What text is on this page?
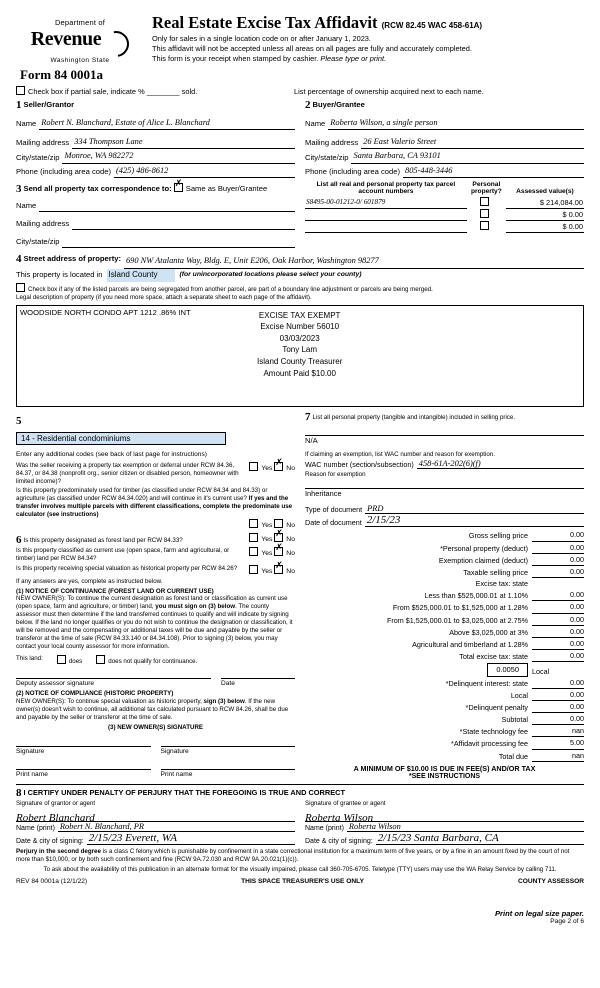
Department of
Revenue
Washington State
Form 84 0001a
Real Estate Excise Tax Affidavit (RCW 82.45 WAC 458-61A)
Only for sales in a single location code on or after January 1, 2023.
This affidavit will not be accepted unless all areas on all pages are fully and accurately completed.
This form is your receipt when stamped by cashier. Please type or print.
Check box if partial sale, indicate % ________ sold.	List percentage of ownership acquired next to each name.
1 Seller/Grantor
Name Robert N. Blanchard, Estate of Alice L. Blanchard
Mailing address 334 Thompson Lane
City/state/zip Monroe, WA 982272
Phone (including area code) (425) 486-8612
2 Buyer/Grantee
Name Roberta Wilson, a single person
Mailing address 26 East Valerio Street
City/state/zip Santa Barbara, CA 93101
Phone (including area code) 805-448-3446
3 Send all property tax correspondence to: ✗ Same as Buyer/Grantee
Name
Mailing address
City/state/zip
List all real and personal property tax parcel account numbers	Personal property?	Assessed value(s)
S8495-00-01212-0/ 601879		$ 214,084.00
		$ 0.00
		$ 0.00
4 Street address of property: 690 NW Atalanta Way, Bldg. E, Unit E206, Oak Harbor, Washington 98277
This property is located in Island County	(for unincorporated locations please select your county)
Check box if any of the listed parcels are being segregated from another parcel, are part of a boundary line adjustment or parcels are being merged.
Legal description of property (if you need more space, attach a separate sheet to each page of the affidavit).
WOODSIDE NORTH CONDO APT 1212 .86% INT	EXCISE TAX EXEMPT
Excise Number 56010
03/03/2023
Tony Lam
Island County Treasurer
Amount Paid $10.00
5
14 - Residential condominiums
Enter any additional codes (see back of last page for instructions)
Was the seller receiving a property tax exemption or deferral under RCW 84.36, 84.37, or 84.38 (nonprofit org., senior citizen or disabled person, homeowner with limited income)?
Yes ✗No
Is this property predominately used for timber (as classified under RCW 84.34 and 84.33) or agriculture (as classified under RCW 84.34.020) and will continue in it's current use? If yes and the transfer involves multiple parcels with different classifications, complete the predominate use calculator (see instructions)
Yes No
6 Is this property designated as forest land per RCW 84.33?	Yes ✗No
Is this property classified as current use (open space, farm and agricultural, or timber) land per RCW 84.34?
Yes ✗No
Is this property receiving special valuation as historical property per RCW 84.26?	Yes ✗No
If any answers are yes, complete as instructed below.
(1) NOTICE OF CONTINUANCE (FOREST LAND OR CURRENT USE)
NEW OWNER(S): To continue the current designation as forest land or classification as current use (open space, farm and agriculture, or timber) land, you must sign on (3) below. The county assessor must then determine if the land transferred continues to qualify and will indicate by signing below. If the land no longer qualifies or you do not wish to continue the designation or classification, it will be removed and the compensating or additional taxes will be due and payable by the seller or transferor at the time of sale (RCW 84.33.140 or 84.34.108). Prior to signing (3) below, you may contact your local county assessor for more information.
This land:	does	does not qualify for continuance.
Deputy assessor signature	Date
(2) NOTICE OF COMPLIANCE (HISTORIC PROPERTY)
NEW OWNER(S): To continue special valuation as historic property, sign (3) below. If the new owner(s) doesn't wish to continue, all additional tax calculated pursuant to RCW 84.26, shall be due and payable by the seller or transferor at the time of sale.
(3) NEW OWNER(S) SIGNATURE
Signature	Signature
Print name	Print name
7 List all personal property (tangible and intangible) included in selling price.
N/A
If claiming an exemption, list WAC number and reason for exemption.
WAC number (section/subsection) 458-61A-202(6)(f)
Reason for exemption
Inheritance
Type of document PRD
Date of document 2/15/23
Gross selling price	0.00
*Personal property (deduct)	0.00
Exemption claimed (deduct)	0.00
Taxable selling price	0.00
Excise tax: state
Less than $525,000.01 at 1.10%	0.00
From $525,000.01 to $1,525,000 at 1.28%	0.00
From $1,525,000.01 to $3,025,000 at 2.75%	0.00
Above $3,025,000 at 3%	0.00
Agricultural and timberland at 1.28%	0.00
Total excise tax: state	0.00
0.0050	Local
*Delinquent interest: state	0.00
Local	0.00
*Delinquent penalty	0.00
Subtotal	0.00
*State technology fee	nan
*Affidavit processing fee	5.00
Total due	nan
A MINIMUM OF $10.00 IS DUE IN FEE(S) AND/OR TAX
*SEE INSTRUCTIONS
8 I CERTIFY UNDER PENALTY OF PERJURY THAT THE FOREGOING IS TRUE AND CORRECT
Signature of grantor or agent
Robert Blanchard
Name (print) Robert N. Blanchard, PR
Date & city of signing: 2/15/23 Everett, WA
Signature of grantee or agent
Roberta Wilson
Name (print) Roberta Wilson
Date & city of signing: 2/15/23 Santa Barbara, CA
Perjury in the second degree is a class C felony which is punishable by confinement in a state correctional institution for a maximum term of five years, or by a fine in an amount fixed by the court of not more than $10,000, or by both such confinement and fine (RCW 9A.72.030 and RCW 9A.20.021(1)(c)).
To ask about the availability of this publication in an alternate format for the visually impaired, please call 360-705-6705. Teletype (TTY) users may use the WA Relay Service by calling 711.
REV 84 0001a (12/1/22)	THIS SPACE TREASURER'S USE ONLY	COUNTY ASSESSOR
Print on legal size paper.
Page 2 of 6
